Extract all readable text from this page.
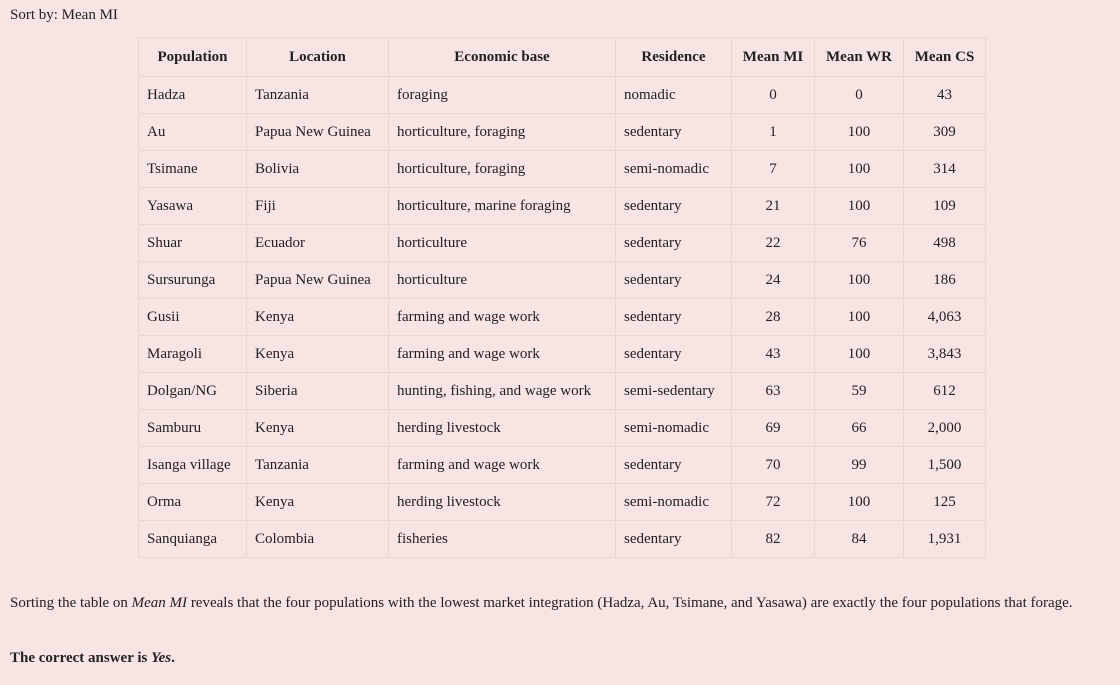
Sort by: Mean MI
Population	Location	Economic base	Residence	Mean MI	Mean WR	Mean CS
Hadza	Tanzania	foraging	nomadic	0	0	43
Au	Papua New Guinea	horticulture, foraging	sedentary	1	100	309
Tsimane	Bolivia	horticulture, foraging	semi-nomadic	7	100	314
Yasawa	Fiji	horticulture, marine foraging	sedentary	21	100	109
Shuar	Ecuador	horticulture	sedentary	22	76	498
Sursurunga	Papua New Guinea	horticulture	sedentary	24	100	186
Gusii	Kenya	farming and wage work	sedentary	28	100	4,063
Maragoli	Kenya	farming and wage work	sedentary	43	100	3,843
Dolgan/NG	Siberia	hunting, fishing, and wage work	semi-sedentary	63	59	612
Samburu	Kenya	herding livestock	semi-nomadic	69	66	2,000
Isanga village	Tanzania	farming and wage work	sedentary	70	99	1,500
Orma	Kenya	herding livestock	semi-nomadic	72	100	125
Sanquianga	Colombia	fisheries	sedentary	82	84	1,931
Sorting the table on Mean MI reveals that the four populations with the lowest market integration (Hadza, Au, Tsimane, and Yasawa) are exactly the four populations that forage.
The correct answer is Yes.
